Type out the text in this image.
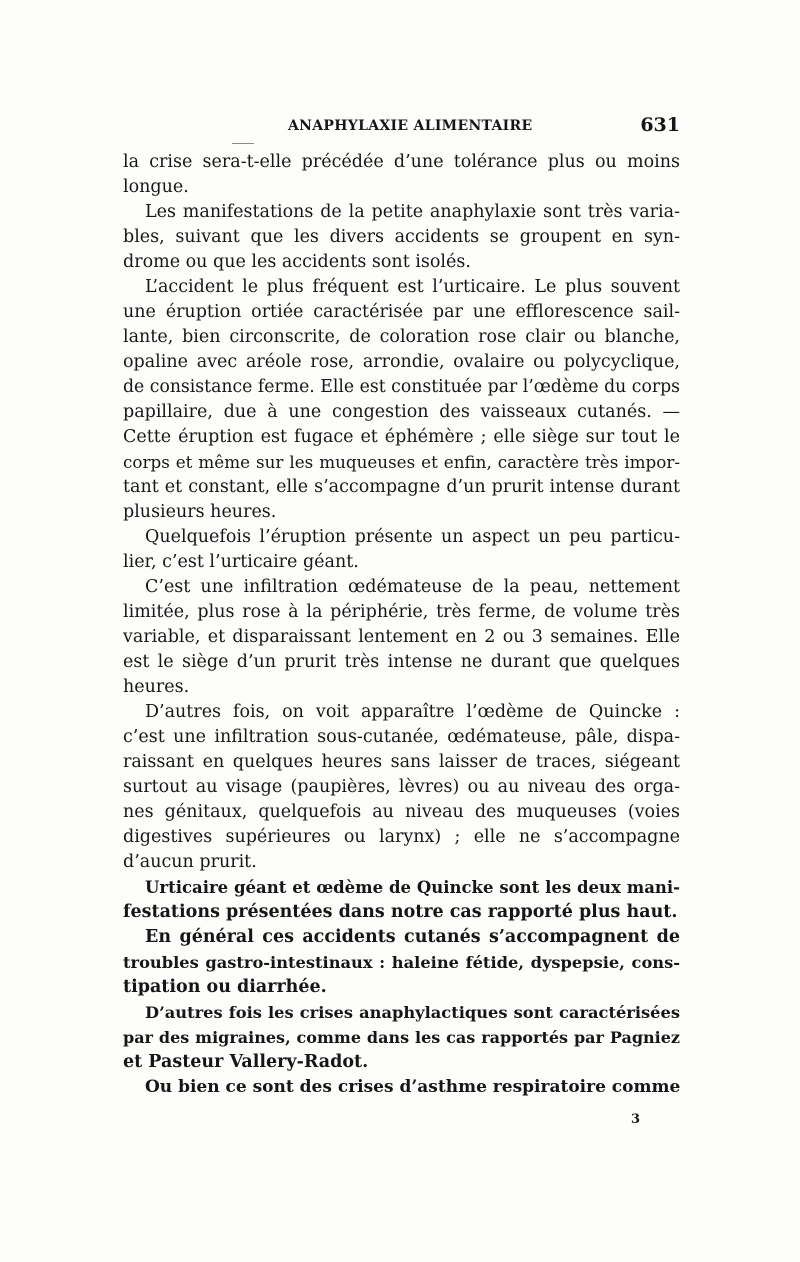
ANAPHYLAXIE ALIMENTAIRE	631
la crise sera-t-elle précédée d’une tolérance plus ou moins
longue.
Les manifestations de la petite anaphylaxie sont très varia-
bles, suivant que les divers accidents se groupent en syn-
drome ou que les accidents sont isolés.
L’accident le plus fréquent est l’urticaire. Le plus souvent
une éruption ortiée caractérisée par une efflorescence sail-
lante, bien circonscrite, de coloration rose clair ou blanche,
opaline avec aréole rose, arrondie, ovalaire ou polycyclique,
de consistance ferme. Elle est constituée par l’œdème du corps
papillaire, due à une congestion des vaisseaux cutanés. —
Cette éruption est fugace et éphémère ; elle siège sur tout le
corps et même sur les muqueuses et enfin, caractère très impor-
tant et constant, elle s’accompagne d’un prurit intense durant
plusieurs heures.
Quelquefois l’éruption présente un aspect un peu particu-
lier, c’est l’urticaire géant.
C’est une infiltration œdémateuse de la peau, nettement
limitée, plus rose à la périphérie, très ferme, de volume très
variable, et disparaissant lentement en 2 ou 3 semaines. Elle
est le siège d’un prurit très intense ne durant que quelques
heures.
D’autres fois, on voit apparaître l’œdème de Quincke :
c’est une infiltration sous-cutanée, œdémateuse, pâle, dispa-
raissant en quelques heures sans laisser de traces, siégeant
surtout au visage (paupières, lèvres) ou au niveau des orga-
nes génitaux, quelquefois au niveau des muqueuses (voies
digestives supérieures ou larynx) ; elle ne s’accompagne
d’aucun prurit.
Urticaire géant et œdème de Quincke sont les deux mani-
festations présentées dans notre cas rapporté plus haut.
En général ces accidents cutanés s’accompagnent de
troubles gastro-intestinaux : haleine fétide, dyspepsie, cons-
tipation ou diarrhée.
D’autres fois les crises anaphylactiques sont caractérisées
par des migraines, comme dans les cas rapportés par Pagniez
et Pasteur Vallery-Radot.
Ou bien ce sont des crises d’asthme respiratoire comme
3
